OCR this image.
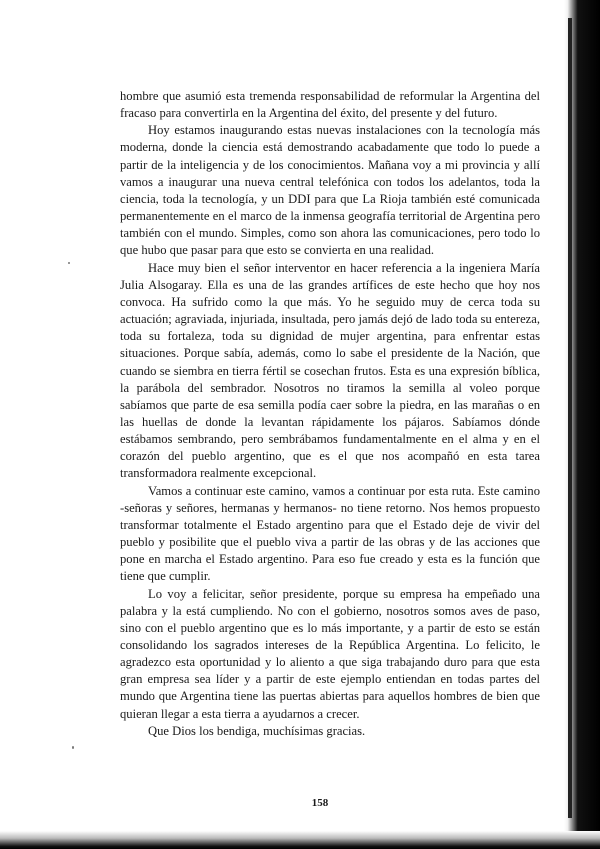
hombre que asumió esta tremenda responsabilidad de reformular la Argentina del fracaso para convertirla en la Argentina del éxito, del presente y del futuro.

Hoy estamos inaugurando estas nuevas instalaciones con la tecnología más moderna, donde la ciencia está demostrando acabadamente que todo lo puede a partir de la inteligencia y de los conocimientos. Mañana voy a mi provincia y allí vamos a inaugurar una nueva central telefónica con todos los adelantos, toda la ciencia, toda la tecnología, y un DDI para que La Rioja también esté comunicada permanentemente en el marco de la inmensa geografía territorial de Argentina pero también con el mundo. Simples, como son ahora las comunicaciones, pero todo lo que hubo que pasar para que esto se convierta en una realidad.

Hace muy bien el señor interventor en hacer referencia a la ingeniera María Julia Alsogaray. Ella es una de las grandes artífices de este hecho que hoy nos convoca. Ha sufrido como la que más. Yo he seguido muy de cerca toda su actuación; agraviada, injuriada, insultada, pero jamás dejó de lado toda su entereza, toda su fortaleza, toda su dignidad de mujer argentina, para enfrentar estas situaciones. Porque sabía, además, como lo sabe el presidente de la Nación, que cuando se siembra en tierra fértil se cosechan frutos. Esta es una expresión bíblica, la parábola del sembrador. Nosotros no tiramos la semilla al voleo porque sabíamos que parte de esa semilla podía caer sobre la piedra, en las marañas o en las huellas de donde la levantan rápidamente los pájaros. Sabíamos dónde estábamos sembrando, pero sembrábamos fundamentalmente en el alma y en el corazón del pueblo argentino, que es el que nos acompañó en esta tarea transformadora realmente excepcional.

Vamos a continuar este camino, vamos a continuar por esta ruta. Este camino -señoras y señores, hermanas y hermanos- no tiene retorno. Nos hemos propuesto transformar totalmente el Estado argentino para que el Estado deje de vivir del pueblo y posibilite que el pueblo viva a partir de las obras y de las acciones que pone en marcha el Estado argentino. Para eso fue creado y esta es la función que tiene que cumplir.

Lo voy a felicitar, señor presidente, porque su empresa ha empeñado una palabra y la está cumpliendo. No con el gobierno, nosotros somos aves de paso, sino con el pueblo argentino que es lo más importante, y a partir de esto se están consolidando los sagrados intereses de la República Argentina. Lo felicito, le agradezco esta oportunidad y lo aliento a que siga trabajando duro para que esta gran empresa sea líder y a partir de este ejemplo entiendan en todas partes del mundo que Argentina tiene las puertas abiertas para aquellos hombres de bien que quieran llegar a esta tierra a ayudarnos a crecer.

Que Dios los bendiga, muchísimas gracias.

158
